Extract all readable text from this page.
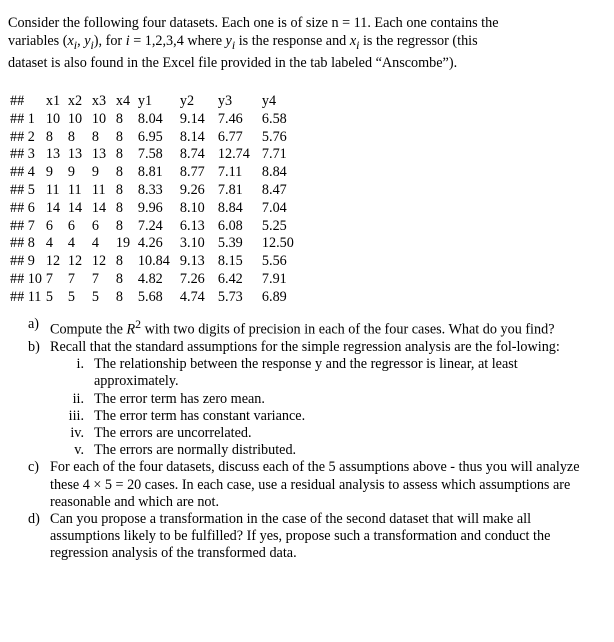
Consider the following four datasets. Each one is of size n = 11. Each one contains the

variables ($x_i$, $y_i$), for i = 1,2,3,4 where $y_i$ is the response and $x_i$ is the regressor (this

dataset is also found in the Excel file provided in the tab labeled “Anscombe”).

##	x1	x2	x3	x4	y1	y2	y3	y4
## 1	10	10	10	8	8.04	9.14	7.46	6.58
## 2	8	8	8	8	6.95	8.14	6.77	5.76
## 3	13	13	13	8	7.58	8.74	12.74	7.71
## 4	9	9	9	8	8.81	8.77	7.11	8.84
## 5	11	11	11	8	8.33	9.26	7.81	8.47
## 6	14	14	14	8	9.96	8.10	8.84	7.04
## 7	6	6	6	8	7.24	6.13	6.08	5.25
## 8	4	4	4	19	4.26	3.10	5.39	12.50
## 9	12	12	12	8	10.84	9.13	8.15	5.56
## 10	7	7	7	8	4.82	7.26	6.42	7.91
## 11	5	5	5	8	5.68	4.74	5.73	6.89
a) Compute the $R^2$ with two digits of precision in each of the four cases. What do you find?
b) Recall that the standard assumptions for the simple regression analysis are the fol-lowing:
i. The relationship between the response y and the regressor is linear, at least approximately.
ii. The error term has zero mean.
iii. The error term has constant variance.
iv. The errors are uncorrelated.
v. The errors are normally distributed.
c) For each of the four datasets, discuss each of the 5 assumptions above - thus you will analyze these 4 × 5 = 20 cases. In each case, use a residual analysis to assess which assumptions are reasonable and which are not.
d) Can you propose a transformation in the case of the second dataset that will make all assumptions likely to be fulfilled? If yes, propose such a transformation and conduct the regression analysis of the transformed data.
